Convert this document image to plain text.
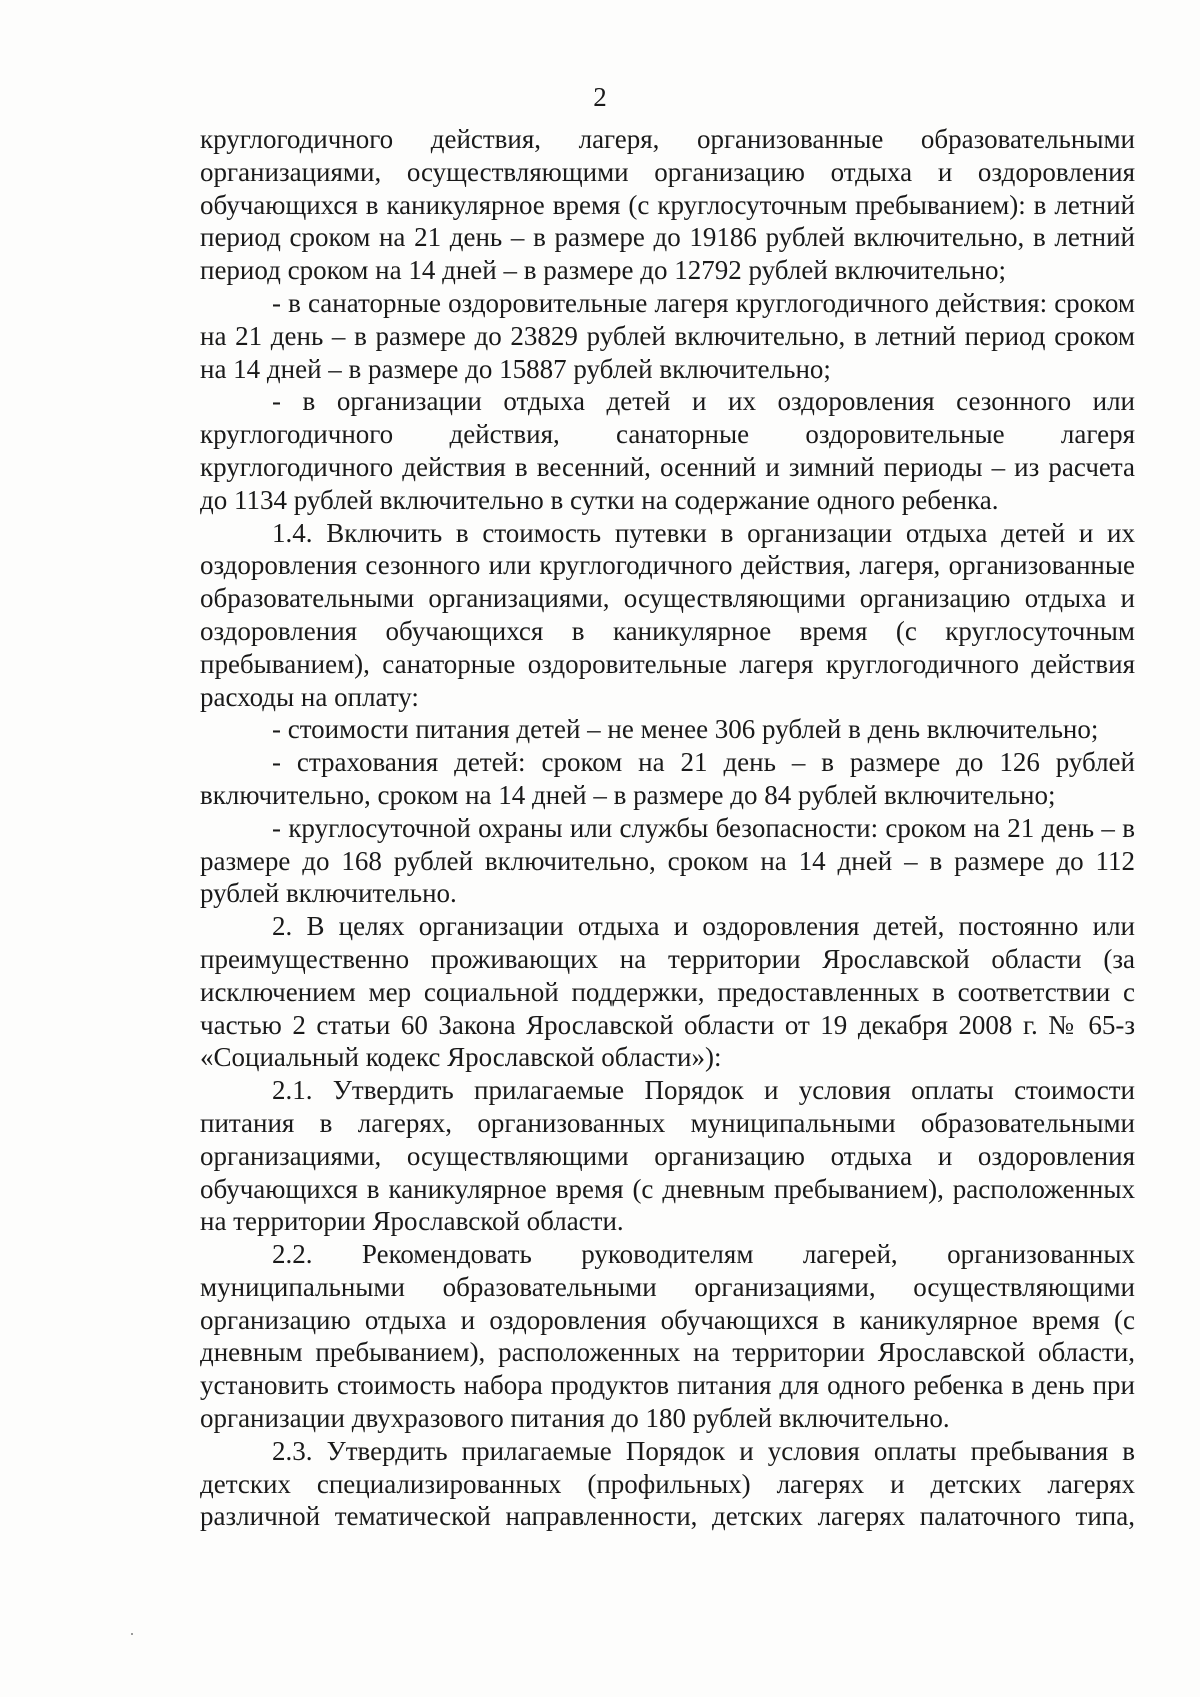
2

круглогодичного действия, лагеря, организованные образовательными организациями, осуществляющими организацию отдыха и оздоровления обучающихся в каникулярное время (с круглосуточным пребыванием): в летний период сроком на 21 день – в размере до 19186 рублей включительно, в летний период сроком на 14 дней – в размере до 12792 рублей включительно;

- в санаторные оздоровительные лагеря круглогодичного действия: сроком на 21 день – в размере до 23829 рублей включительно, в летний период сроком на 14 дней – в размере до 15887 рублей включительно;

- в организации отдыха детей и их оздоровления сезонного или круглогодичного действия, санаторные оздоровительные лагеря круглогодичного действия в весенний, осенний и зимний периоды – из расчета до 1134 рублей включительно в сутки на содержание одного ребенка.

1.4. Включить в стоимость путевки в организации отдыха детей и их оздоровления сезонного или круглогодичного действия, лагеря, организованные образовательными организациями, осуществляющими организацию отдыха и оздоровления обучающихся в каникулярное время (с круглосуточным пребыванием), санаторные оздоровительные лагеря круглогодичного действия расходы на оплату:

- стоимости питания детей – не менее 306 рублей в день включительно;

- страхования детей: сроком на 21 день – в размере до 126 рублей включительно, сроком на 14 дней – в размере до 84 рублей включительно;

- круглосуточной охраны или службы безопасности: сроком на 21 день – в размере до 168 рублей включительно, сроком на 14 дней – в размере до 112 рублей включительно.

2. В целях организации отдыха и оздоровления детей, постоянно или преимущественно проживающих на территории Ярославской области (за исключением мер социальной поддержки, предоставленных в соответствии с частью 2 статьи 60 Закона Ярославской области от 19 декабря 2008 г. № 65-з «Социальный кодекс Ярославской области»):

2.1. Утвердить прилагаемые Порядок и условия оплаты стоимости питания в лагерях, организованных муниципальными образовательными организациями, осуществляющими организацию отдыха и оздоровления обучающихся в каникулярное время (с дневным пребыванием), расположенных на территории Ярославской области.

2.2. Рекомендовать руководителям лагерей, организованных муниципальными образовательными организациями, осуществляющими организацию отдыха и оздоровления обучающихся в каникулярное время (с дневным пребыванием), расположенных на территории Ярославской области, установить стоимость набора продуктов питания для одного ребенка в день при организации двухразового питания до 180 рублей включительно.

2.3. Утвердить прилагаемые Порядок и условия оплаты пребывания в детских специализированных (профильных) лагерях и детских лагерях различной тематической направленности, детских лагерях палаточного типа,
